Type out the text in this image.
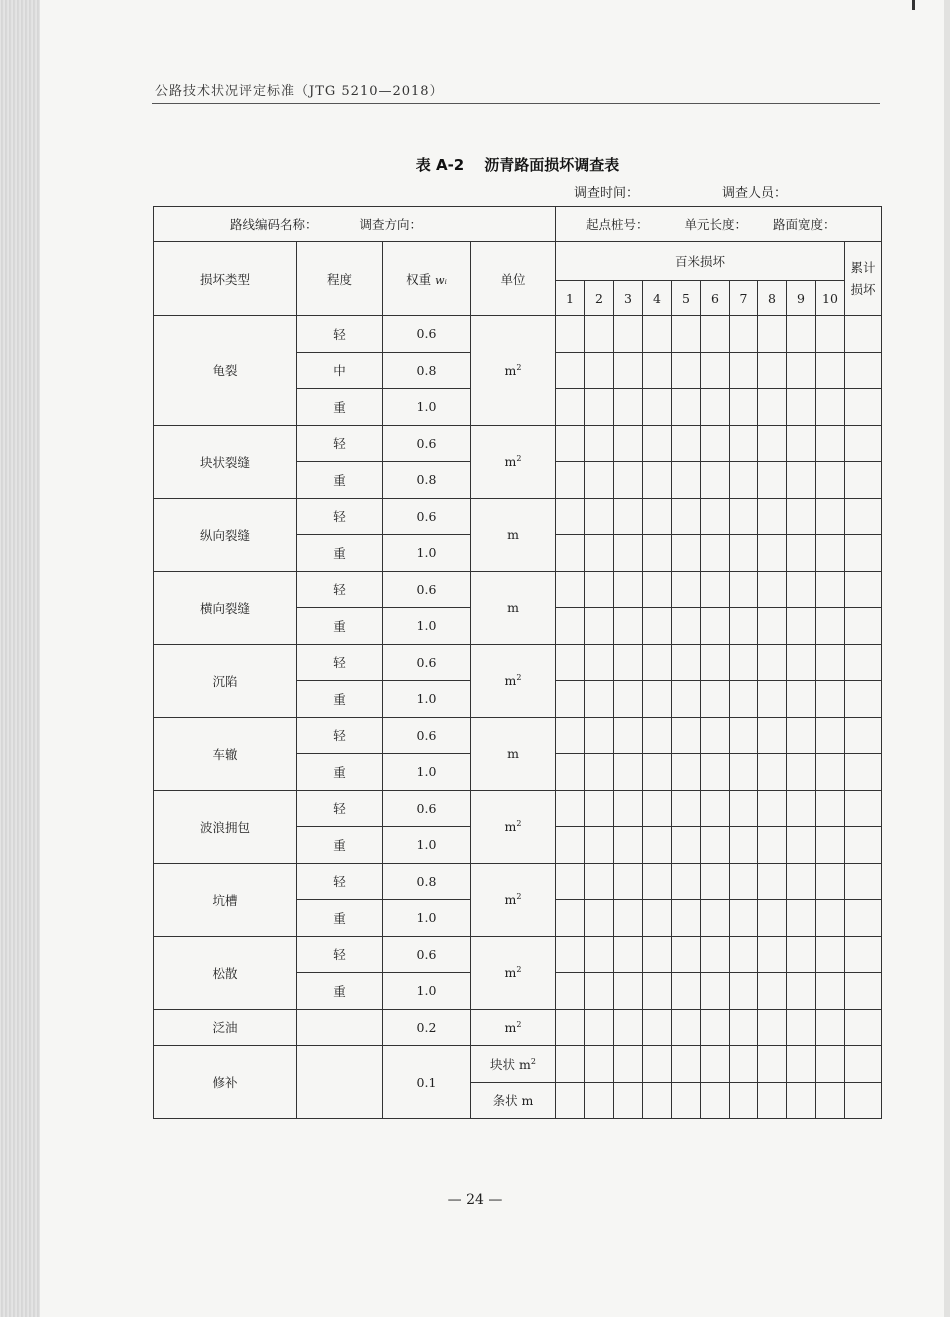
公路技术状况评定标准（JTG 5210—2018）
表 A-2 沥青路面损坏调查表
调查时间：	调查人员：
路线编码名称： 调查方向：				起点桩号： 单元长度： 路面宽度：										
损坏类型	程度	权重 wᵢ	单位	百米损坏										累计损坏
				1	2	3	4	5	6	7	8	9	10	
龟裂	轻	0.6	$m^2$											
	中	0.8												
	重	1.0												
块状裂缝	轻	0.6	$m^2$											
	重	0.8												
纵向裂缝	轻	0.6	m											
	重	1.0												
横向裂缝	轻	0.6	m											
	重	1.0												
沉陷	轻	0.6	$m^2$											
	重	1.0												
车辙	轻	0.6	m											
	重	1.0												
波浪拥包	轻	0.6	$m^2$											
	重	1.0												
坑槽	轻	0.8	$m^2$											
	重	1.0												
松散	轻	0.6	$m^2$											
	重	1.0												
泛油		0.2	$m^2$											
修补		0.1	块状 $m^2$											
			条状 m											
— 24 —
